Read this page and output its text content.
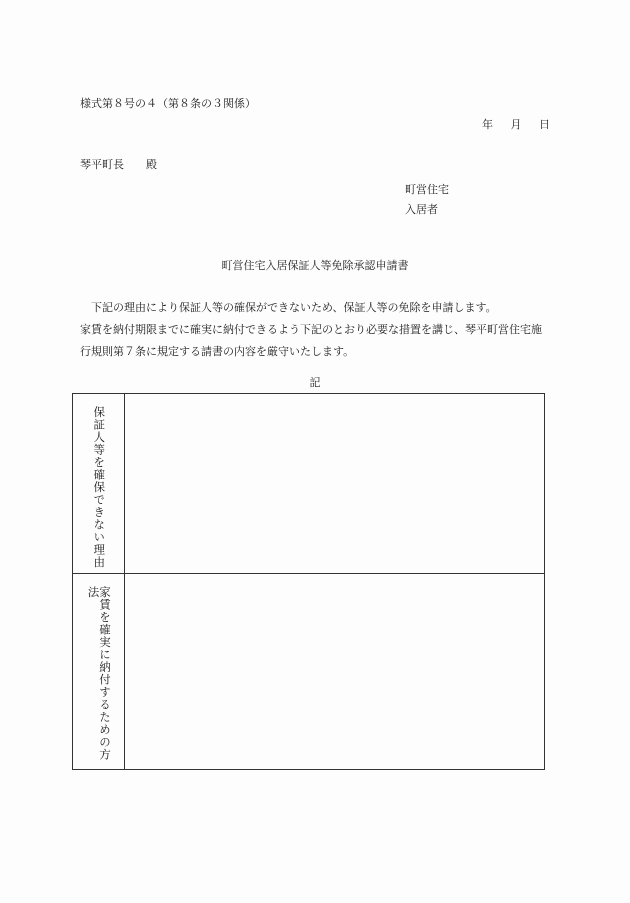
様式第８号の４（第８条の３関係）
年 月 日
琴平町長 殿
町営住宅
入居者
町営住宅入居保証人等免除承認申請書

下記の理由により保証人等の確保ができないため、保証人等の免除を申請します。

家賃を納付期限までに確実に納付できるよう下記のとおり必要な措置を講じ、琴平町営住宅施行規則第７条に規定する請書の内容を厳守いたします。

記
保証人等を確保できない理由
家賃を確実に納付するための方法
